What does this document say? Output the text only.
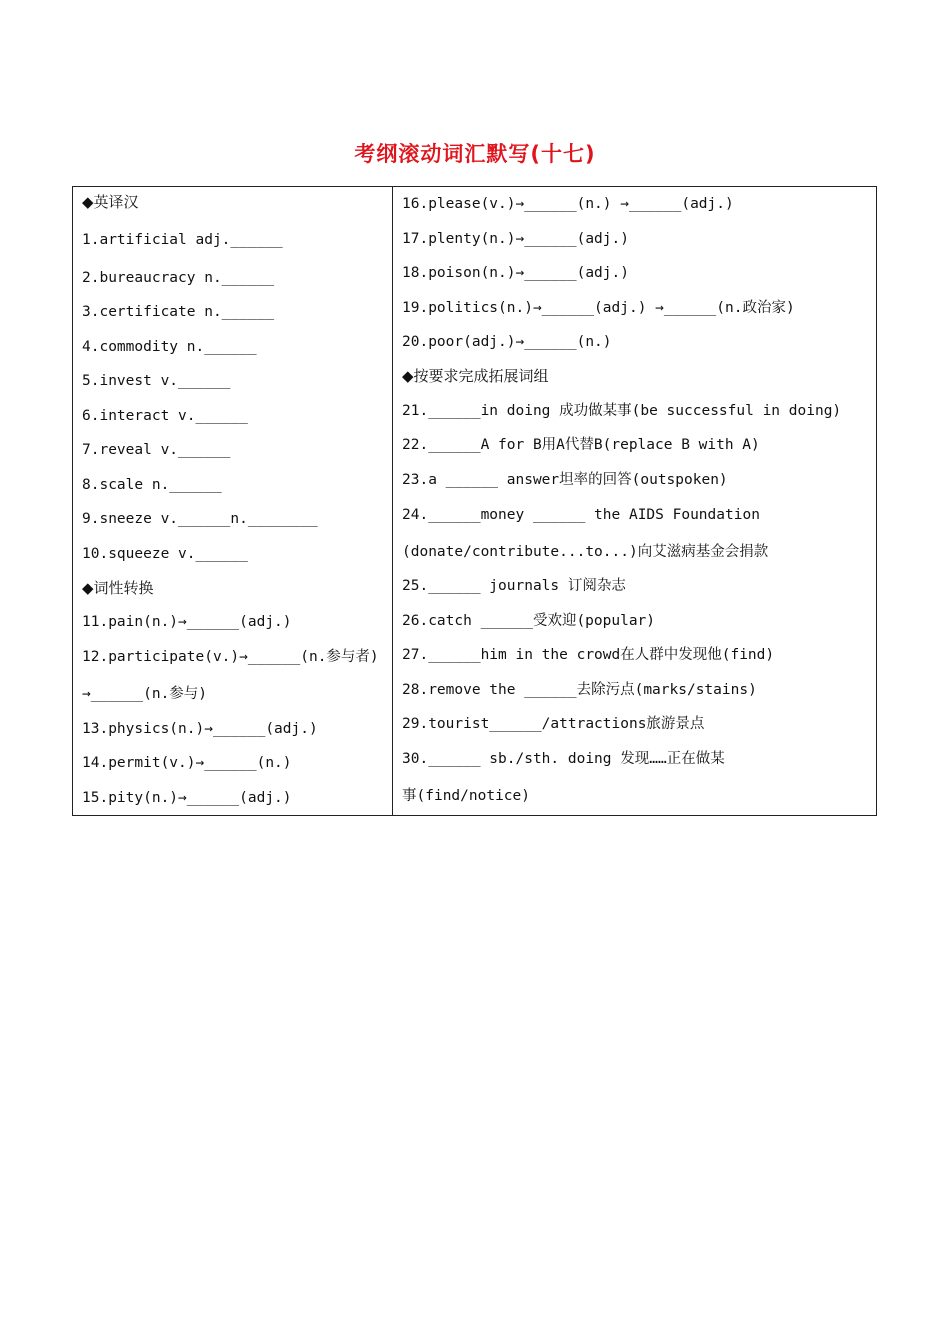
考纲滚动词汇默写(十七)
◆英译汉
1.artificial adj.______
2.bureaucracy n.______
3.certificate n.______
4.commodity n.______
5.invest v.______
6.interact v.______
7.reveal v.______
8.scale n.______
9.sneeze v.______n.________
10.squeeze v.______
◆词性转换
11.pain(n.)→______(adj.)
12.participate(v.)→______(n.参与者)
→______(n.参与)
13.physics(n.)→______(adj.)
14.permit(v.)→______(n.)
15.pity(n.)→______(adj.)
16.please(v.)→______(n.) →______(adj.)
17.plenty(n.)→______(adj.)
18.poison(n.)→______(adj.)
19.politics(n.)→______(adj.) →______(n.政治家)
20.poor(adj.)→______(n.)
◆按要求完成拓展词组
21.______in doing 成功做某事(be successful in doing)
22.______A for B用A代替B(replace B with A)
23.a ______ answer坦率的回答(outspoken)
24.______money ______ the AIDS Foundation
(donate/contribute...to...)向艾滋病基金会捐款
25.______ journals 订阅杂志
26.catch ______受欢迎(popular)
27.______him in the crowd在人群中发现他(find)
28.remove the ______去除污点(marks/stains)
29.tourist______/attractions旅游景点
30.______ sb./sth. doing 发现……正在做某
事(find/notice)
